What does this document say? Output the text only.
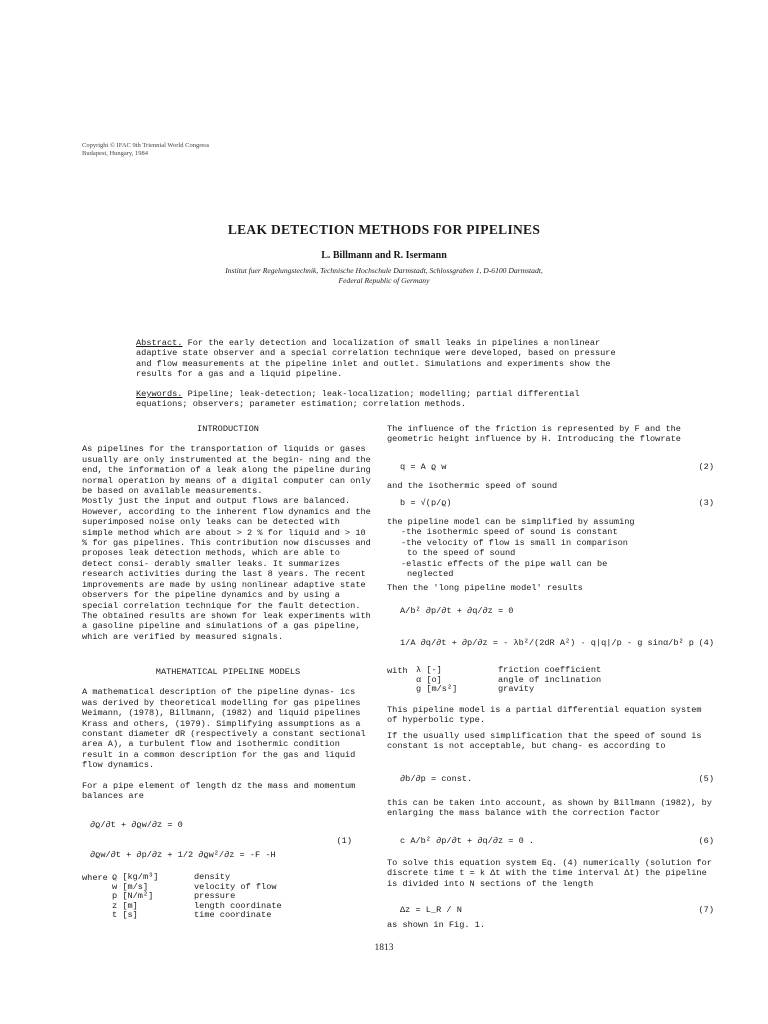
Copyright © IFAC 9th Triennial World Congress
Budapest, Hungary, 1984
LEAK DETECTION METHODS FOR PIPELINES
L. Billmann and R. Isermann
Institut fuer Regelungstechnik, Technische Hochschule Darmstadt, Schlossgraben 1, D-6100 Darmstadt,
Federal Republic of Germany
Abstract. For the early detection and localization of small leaks in pipelines a nonlinear adaptive state observer and a special correlation technique were developed, based on pressure and flow measurements at the pipeline inlet and outlet. Simulations and experiments show the results for a gas and a liquid pipeline.
Keywords. Pipeline; leak-detection; leak-localization; modelling; partial differential equations; observers; parameter estimation; correlation methods.
INTRODUCTION

As pipelines for the transportation of liquids or gases usually are only instrumented at the begin- ning and the end, the information of a leak along the pipeline during normal operation by means of a digital computer can only be based on available measurements.

Mostly just the input and output flows are balanced. However, according to the inherent flow dynamics and the superimposed noise only leaks can be detected with simple method which are about > 2 % for liquid and > 10 % for gas pipelines. This contribution now discusses and proposes leak detection methods, which are able to detect consi- derably smaller leaks. It summarizes research activities during the last 8 years. The recent improvements are made by using nonlinear adaptive state observers for the pipeline dynamics and by using a special correlation technique for the fault detection. The obtained results are shown for leak experiments with a gasoline pipeline and simulations of a gas pipeline, which are verified by measured signals.

MATHEMATICAL PIPELINE MODELS

A mathematical description of the pipeline dynas- ics was derived by theoretical modelling for gas pipelines Weimann, (1978), Billmann, (1982) and liquid pipelines Krass and others, (1979). Simplifying assumptions as a constant diameter dR (respectively a constant sectional area A), a turbulent flow and isothermic condition result in a common description for the gas and liquid flow dynamics.

For a pipe element of length dz the mass and momentum balances are

∂ϱ/∂t + ∂ϱw/∂z = 0
∂ϱw/∂t + ∂p/∂z + 1/2 ∂ϱw²/∂z = -F -H
(1)
where ϱ [kg/m³]	density
w [m/s]	velocity of flow
p [N/m²]	pressure
z [m]	length coordinate
t [s]	time coordinate
The influence of the friction is represented by F and the geometric height influence by H. Introducing the flowrate
q = A ϱ w	(2)
and the isothermic speed of sound
b = √(p/ϱ)	(3)
the pipeline model can be simplified by assuming
-the isothermic speed of sound is constant
-the velocity of flow is small in comparison
to the speed of sound
-elastic effects of the pipe wall can be
neglected
Then the 'long pipeline model' results
A/b² ∂p/∂t + ∂q/∂z = 0
1/A ∂q/∂t + ∂p/∂z = - λb²/(2dR A²) · q|q|/p - g sinα/b² p (4)
with λ [-]	friction coefficient
α [o]	angle of inclination
g [m/s²]	gravity
This pipeline model is a partial differential equation system of hyperbolic type.
If the usually used simplification that the speed of sound is constant is not acceptable, but chang- es according to
∂b/∂p = const.	(5)
this can be taken into account, as shown by Billmann (1982), by enlarging the mass balance with the correction factor
c A/b² ∂p/∂t + ∂q/∂z = 0 .	(6)
To solve this equation system Eq. (4) numerically (solution for discrete time t = k Δt with the time interval Δt) the pipeline is divided into N sections of the length
Δz = L_R / N	(7)
as shown in Fig. 1.
1813
